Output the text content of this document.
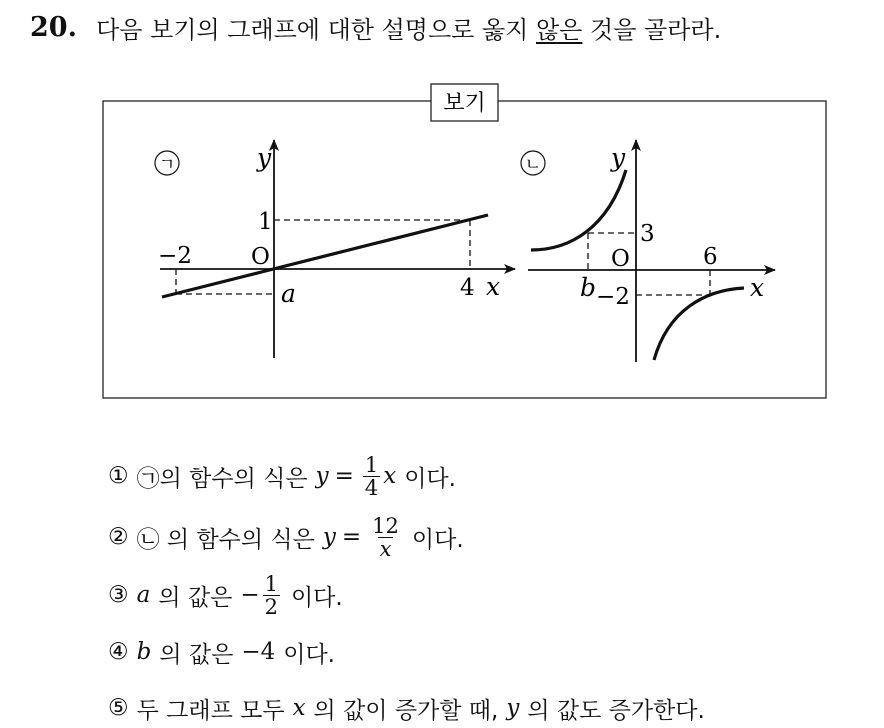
20. 다음 보기의 그래프에 대한 설명으로 옳지 않은 것을 골라라.
보기
ㄱ	y
1
−2	O
4 x
a
ㄴ	y
3
O	6
x
b −2
① ㉠의 함수의 식은 $y = \frac{1}{4}$ x 이다.
② ㉡ 의 함수의 식은 $y = \frac{12}{x}$ 이다.
③ a 의 값은 − $\frac{1}{2}$ 이다.
④ b 의 값은 −4 이다.
⑤ 두 그래프 모두 x 의 값이 증가할 때, y 의 값도 증가한다.
